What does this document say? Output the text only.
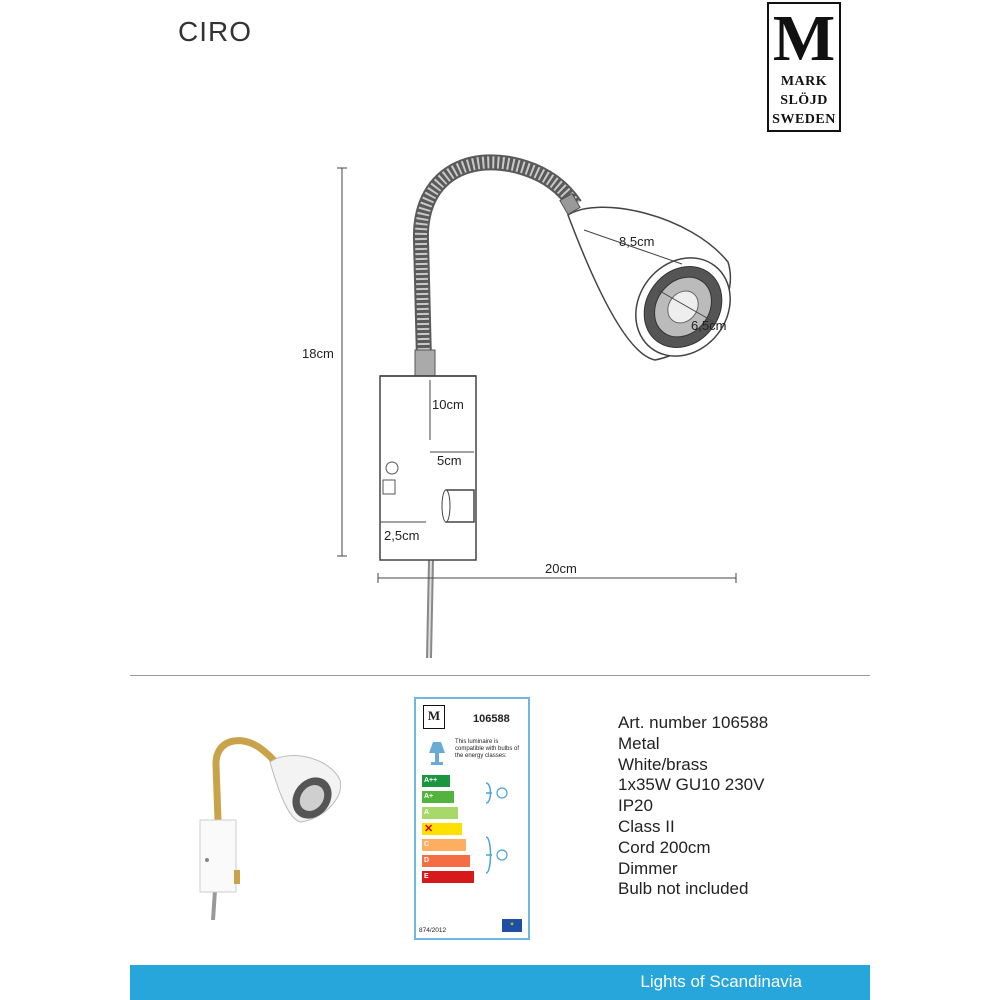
CIRO	M
MARK
SLÖJD
SWEDEN
18cm
8,5cm
6,5cm
10cm
5cm
2,5cm
20cm
M	106588
This luminaire is compatible with bulbs of the energy classes:
A++
A+
A
✕
C
D
E
874/2012
✶
Art. number 106588
Metal
White/brass
1x35W GU10 230V
IP20
Class II
Cord 200cm
Dimmer
Bulb not included
Lights of Scandinavia
